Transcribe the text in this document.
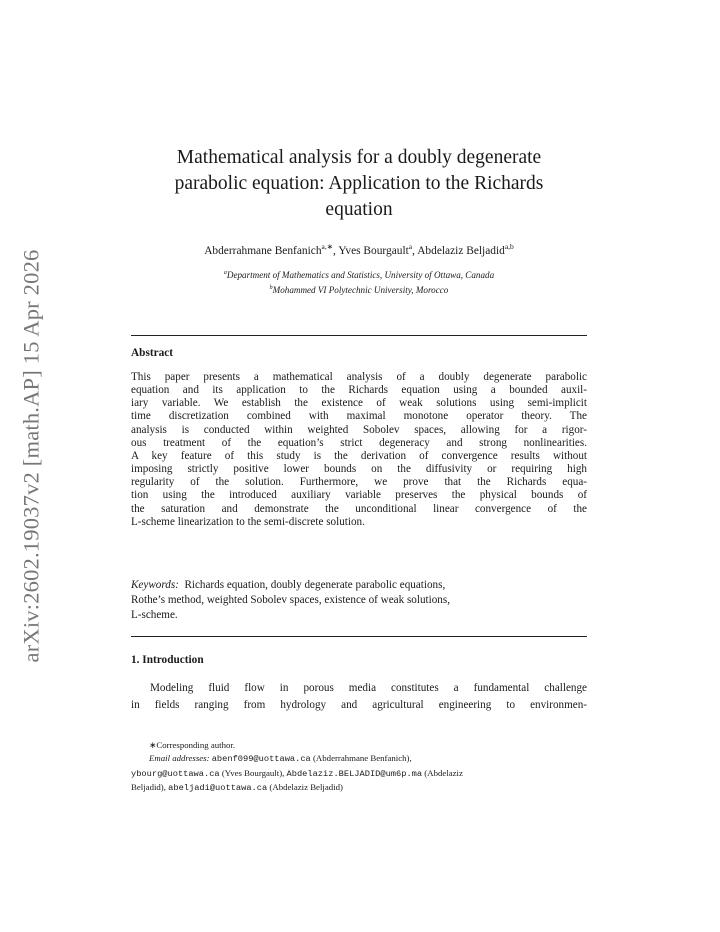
arXiv:2602.19037v2 [math.AP] 15 Apr 2026
Mathematical analysis for a doubly degenerate
parabolic equation: Application to the Richards
equation
Abderrahmane Benfanich$^{a,∗}$, Yves Bourgault$^a$, Abdelaziz Beljadid$^{a,b}$
$^a$Department of Mathematics and Statistics, University of Ottawa, Canada
$^b$Mohammed VI Polytechnic University, Morocco
Abstract
This paper presents a mathematical analysis of a doubly degenerate parabolic
equation and its application to the Richards equation using a bounded auxil-
iary variable. We establish the existence of weak solutions using semi-implicit
time discretization combined with maximal monotone operator theory. The
analysis is conducted within weighted Sobolev spaces, allowing for a rigor-
ous treatment of the equation’s strict degeneracy and strong nonlinearities.
A key feature of this study is the derivation of convergence results without
imposing strictly positive lower bounds on the diffusivity or requiring high
regularity of the solution. Furthermore, we prove that the Richards equa-
tion using the introduced auxiliary variable preserves the physical bounds of
the saturation and demonstrate the unconditional linear convergence of the
L-scheme linearization to the semi-discrete solution.
Keywords: Richards equation, doubly degenerate parabolic equations,
Rothe’s method, weighted Sobolev spaces, existence of weak solutions,
L-scheme.
1. Introduction
Modeling fluid flow in porous media constitutes a fundamental challenge
in fields ranging from hydrology and agricultural engineering to environmen-
∗Corresponding author.
Email addresses: abenf099@uottawa.ca (Abderrahmane Benfanich),
ybourg@uottawa.ca (Yves Bourgault), Abdelaziz.BELJADID@um6p.ma (Abdelaziz
Beljadid), abeljadi@uottawa.ca (Abdelaziz Beljadid)
